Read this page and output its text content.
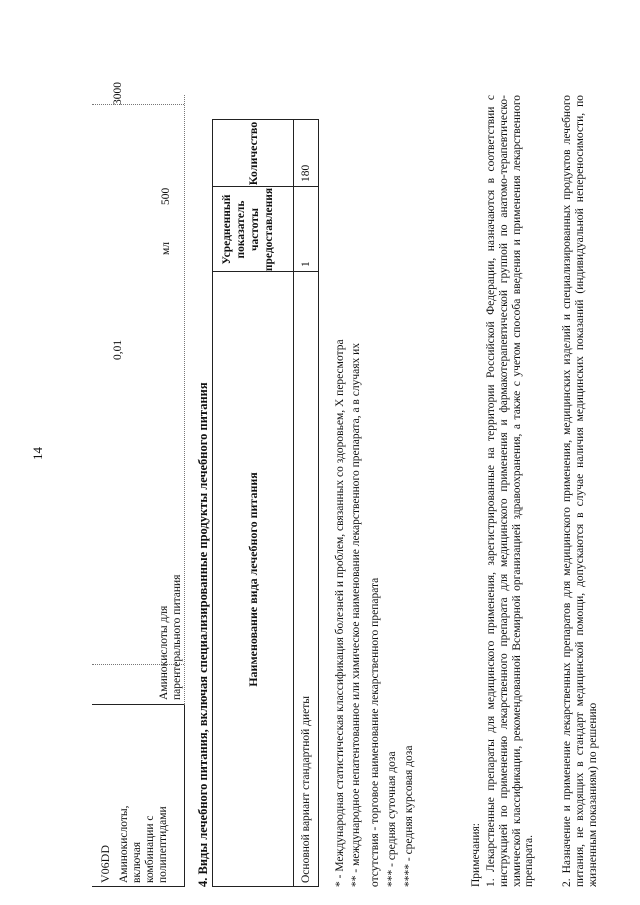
14
V06DD Аминокислоты, включая комбинации с полипептидами
Аминокислоты для парентерального питания
0,01
мл
500
3000
4. Виды лечебного питания, включая специализированные продукты лечебного питания	Наименование вида лечебного питания
Усредненный показатель частоты предоставления
Количество
Основной вариант стандартной диеты
1
180
* - Международная статистическая классификация болезней и проблем, связанных со здоровьем, X пересмотра ** - международное непатентованное или химическое наименование лекарственного препарата, а в случаях их отсутствия - торговое наименование лекарственного препарата *** - средняя суточная доза **** - средняя курсовая доза	Примечания: 1. Лекарственные препараты для медицинского применения, зарегистрированные на территории Российской Федерации, назначаются в соответствии с инструкцией по применению лекарственного препарата для медицинского применения и фармакотерапевтической группой по анатомо-терапевтическо-химической классификации, рекомендованной Всемирной организацией здравоохранения, а также с учетом способа введения и применения лекарственного препарата. 2. Назначение и применение лекарственных препаратов для медицинского применения, медицинских изделий и специализированных продуктов лечебного питания, не входящих в стандарт медицинской помощи, допускаются в случае наличия медицинских показаний (индивидуальной непереносимости, по жизненным показаниям) по решению
